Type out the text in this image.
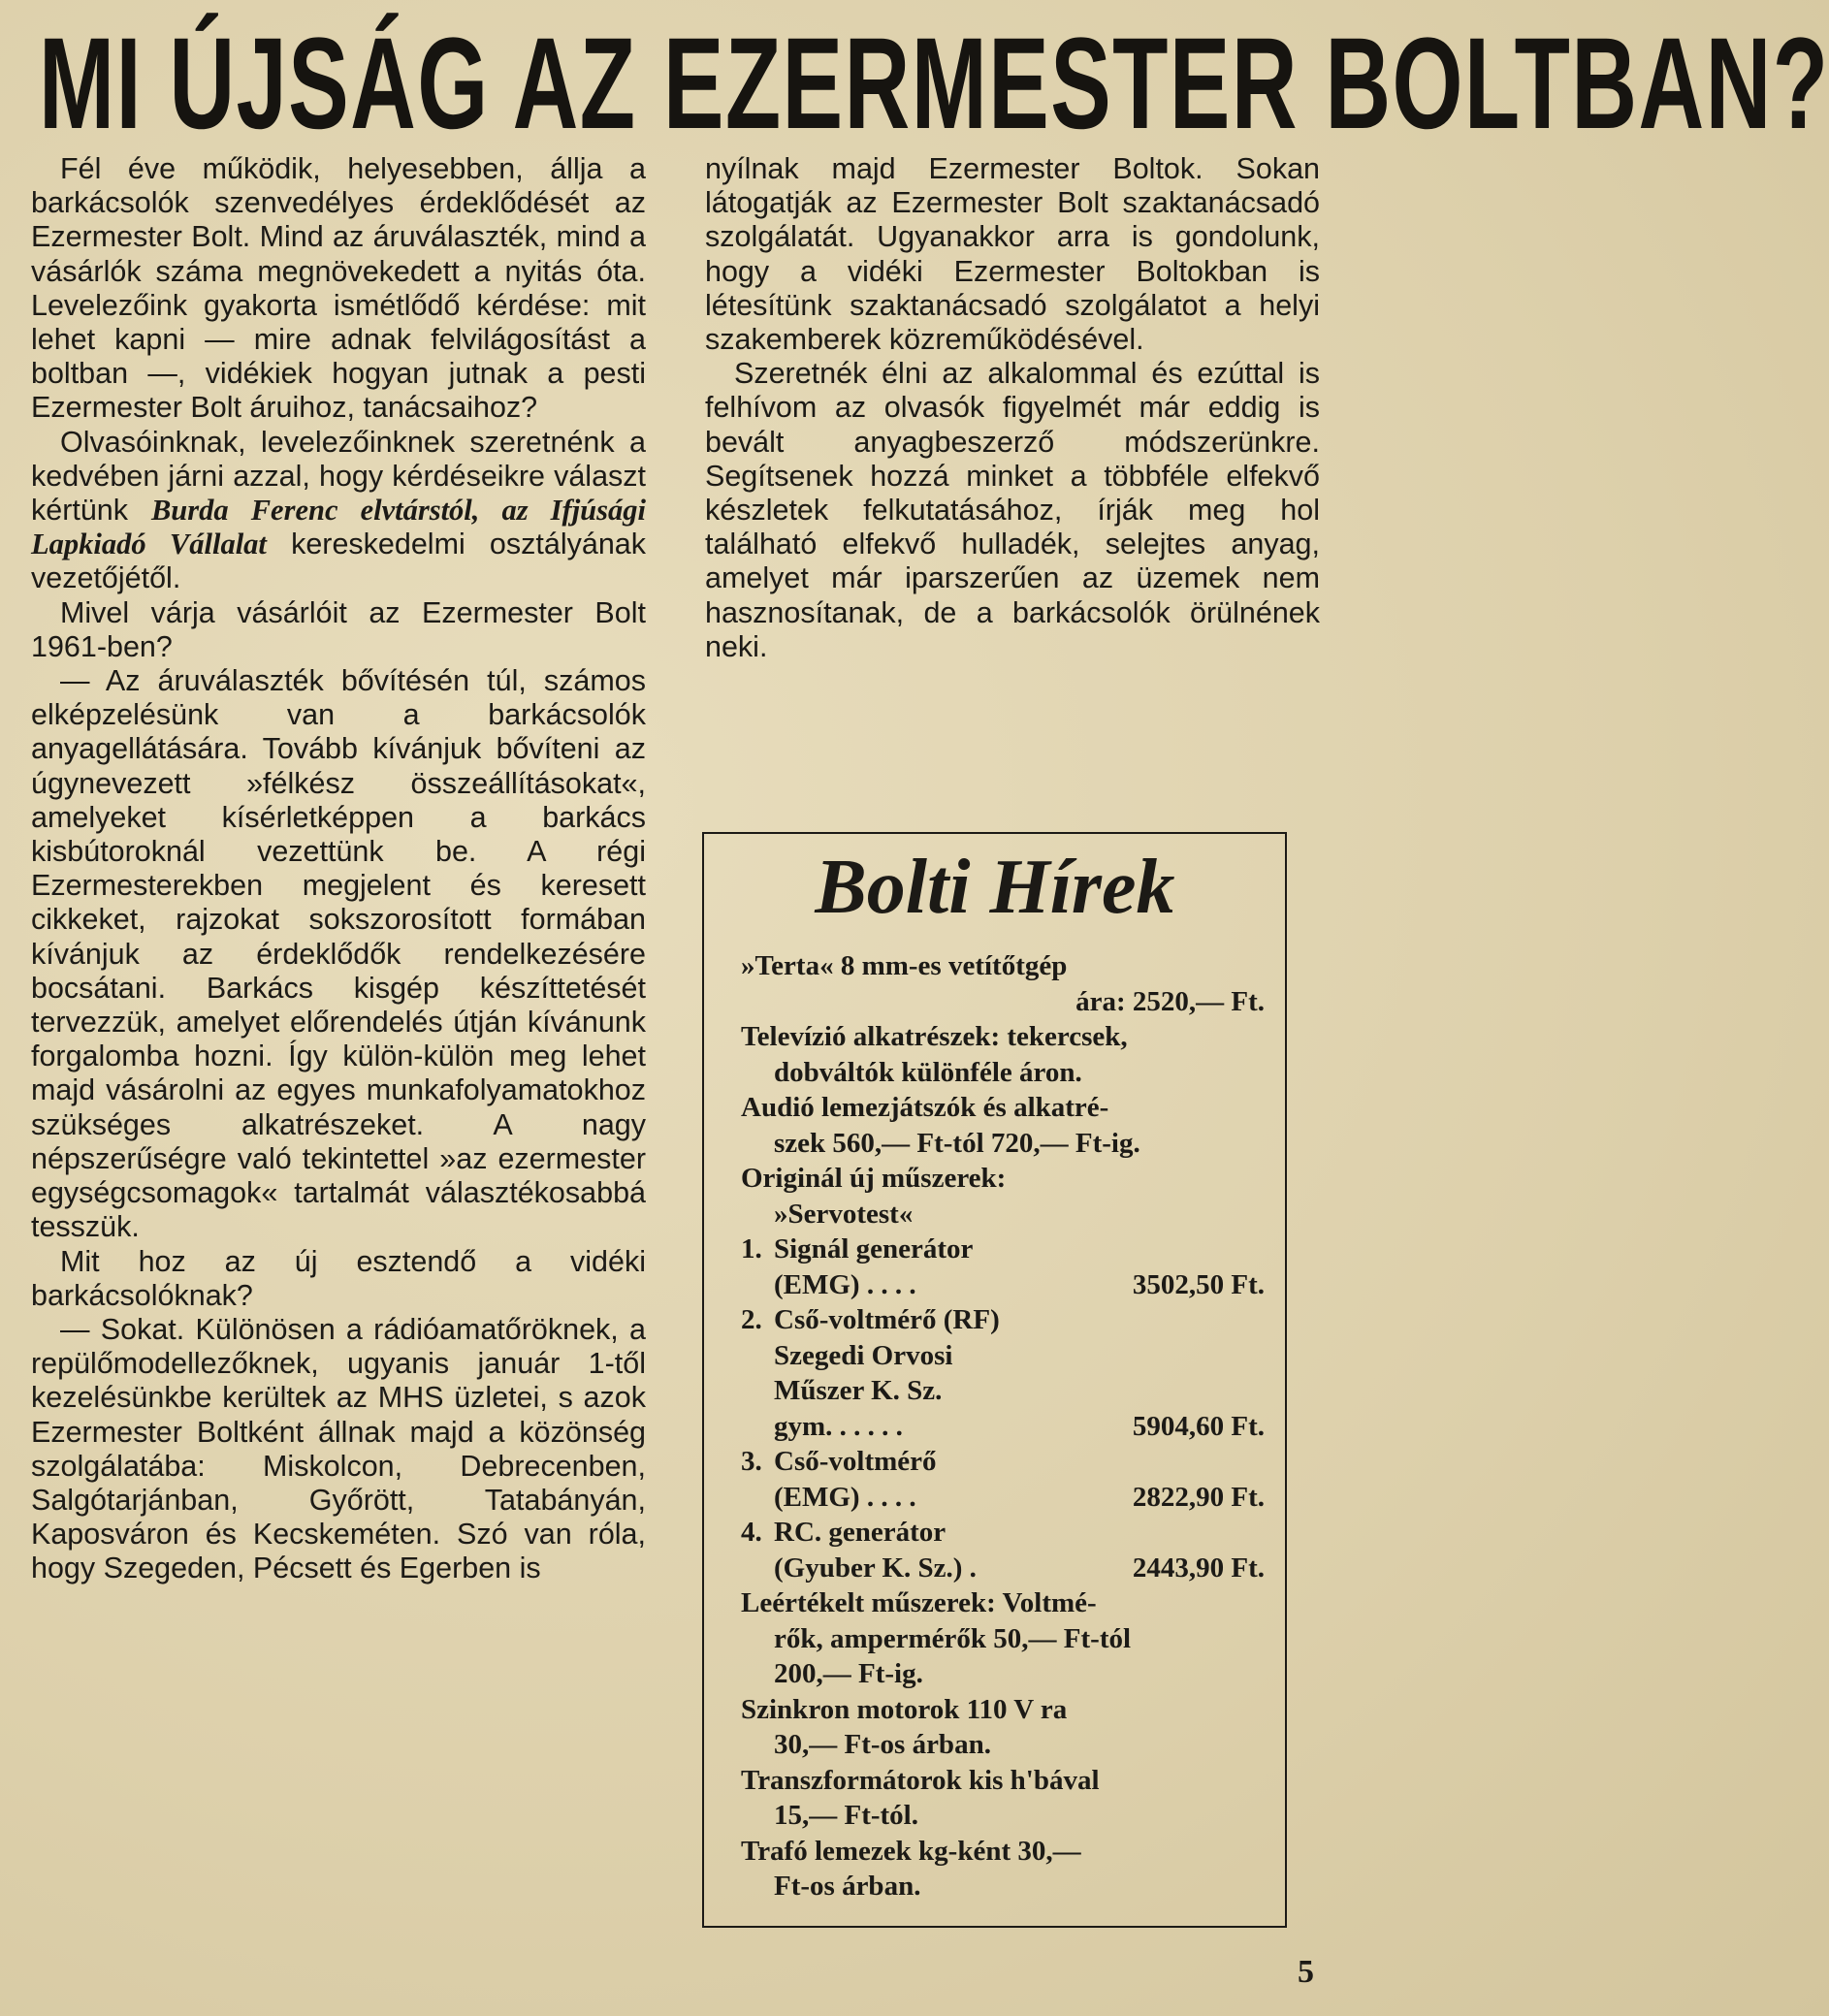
MI ÚJSÁG AZ EZERMESTER BOLTBAN?

Fél éve működik, helyesebben, állja a barkácsolók szenvedélyes érdeklődését az Ezermester Bolt. Mind az áruválaszték, mind a vásárlók száma megnövekedett a nyitás óta. Levelezőink gyakorta ismétlődő kérdése: mit lehet kapni — mire adnak felvilágosítást a boltban —, vidékiek hogyan jutnak a pesti Ezermester Bolt áruihoz, tanácsaihoz?

Olvasóinknak, levelezőinknek szeretnénk a kedvében járni azzal, hogy kérdéseikre választ kértünk Burda Ferenc elvtárstól, az Ifjúsági Lapkiadó Vállalat kereskedelmi osztályának vezetőjétől.

Mivel várja vásárlóit az Ezermester Bolt 1961-ben?

— Az áruválaszték bővítésén túl, számos elképzelésünk van a barkácsolók anyagellátására. Tovább kívánjuk bővíteni az úgynevezett »félkész összeállításokat«, amelyeket kísérletképpen a barkács kisbútoroknál vezettünk be. A régi Ezermesterekben megjelent és keresett cikkeket, rajzokat sokszorosított formában kívánjuk az érdeklődők rendelkezésére bocsátani. Barkács kisgép készíttetését tervezzük, amelyet előrendelés útján kívánunk forgalomba hozni. Így külön-külön meg lehet majd vásárolni az egyes munkafolyamatokhoz szükséges alkatrészeket. A nagy népszerűségre való tekintettel »az ezermester egységcsomagok« tartalmát választékosabbá tesszük.

Mit hoz az új esztendő a vidéki barkácsolóknak?

— Sokat. Különösen a rádióamatőröknek, a repülőmodellezőknek, ugyanis január 1-től kezelésünkbe kerültek az MHS üzletei, s azok Ezermester Boltként állnak majd a közönség szolgálatába: Miskolcon, Debrecenben, Salgótarjánban, Győrött, Tatabányán, Kaposváron és Kecskeméten. Szó van róla, hogy Szegeden, Pécsett és Egerben is

nyílnak majd Ezermester Boltok. Sokan látogatják az Ezermester Bolt szaktanácsadó szolgálatát. Ugyanakkor arra is gondolunk, hogy a vidéki Ezermester Boltokban is létesítünk szaktanácsadó szolgálatot a helyi szakemberek közreműködésével.

Szeretnék élni az alkalommal és ezúttal is felhívom az olvasók figyelmét már eddig is bevált anyagbeszerző módszerünkre. Segítsenek hozzá minket a többféle elfekvő készletek felkutatásához, írják meg hol található elfekvő hulladék, selejtes anyag, amelyet már iparszerűen az üzemek nem hasznosítanak, de a barkácsolók örülnének neki.

Bolti Hírek
»Terta« 8 mm-es vetítőtgép
ára: 2520,— Ft.
Televízió alkatrészek: tekercsek,
dobváltók különféle áron.
Audió lemezjátszók és alkatré-
szek 560,— Ft-tól 720,— Ft-ig.
Originál új műszerek:
»Servotest«
1. Signál generátor
(EMG) . . . .	3502,50 Ft.
2. Cső-voltmérő (RF)
Szegedi Orvosi
Műszer K. Sz.
gym. . . . . .	5904,60 Ft.
3. Cső-voltmérő
(EMG) . . . .	2822,90 Ft.
4. RC. generátor
(Gyuber K. Sz.) .	2443,90 Ft.
Leértékelt műszerek: Voltmé-
rők, ampermérők 50,— Ft-tól
200,— Ft-ig.
Szinkron motorok 110 V ra
30,— Ft-os árban.
Transzformátorok kis h'bával
15,— Ft-tól.
Trafó lemezek kg-ként 30,—
Ft-os árban.
5
